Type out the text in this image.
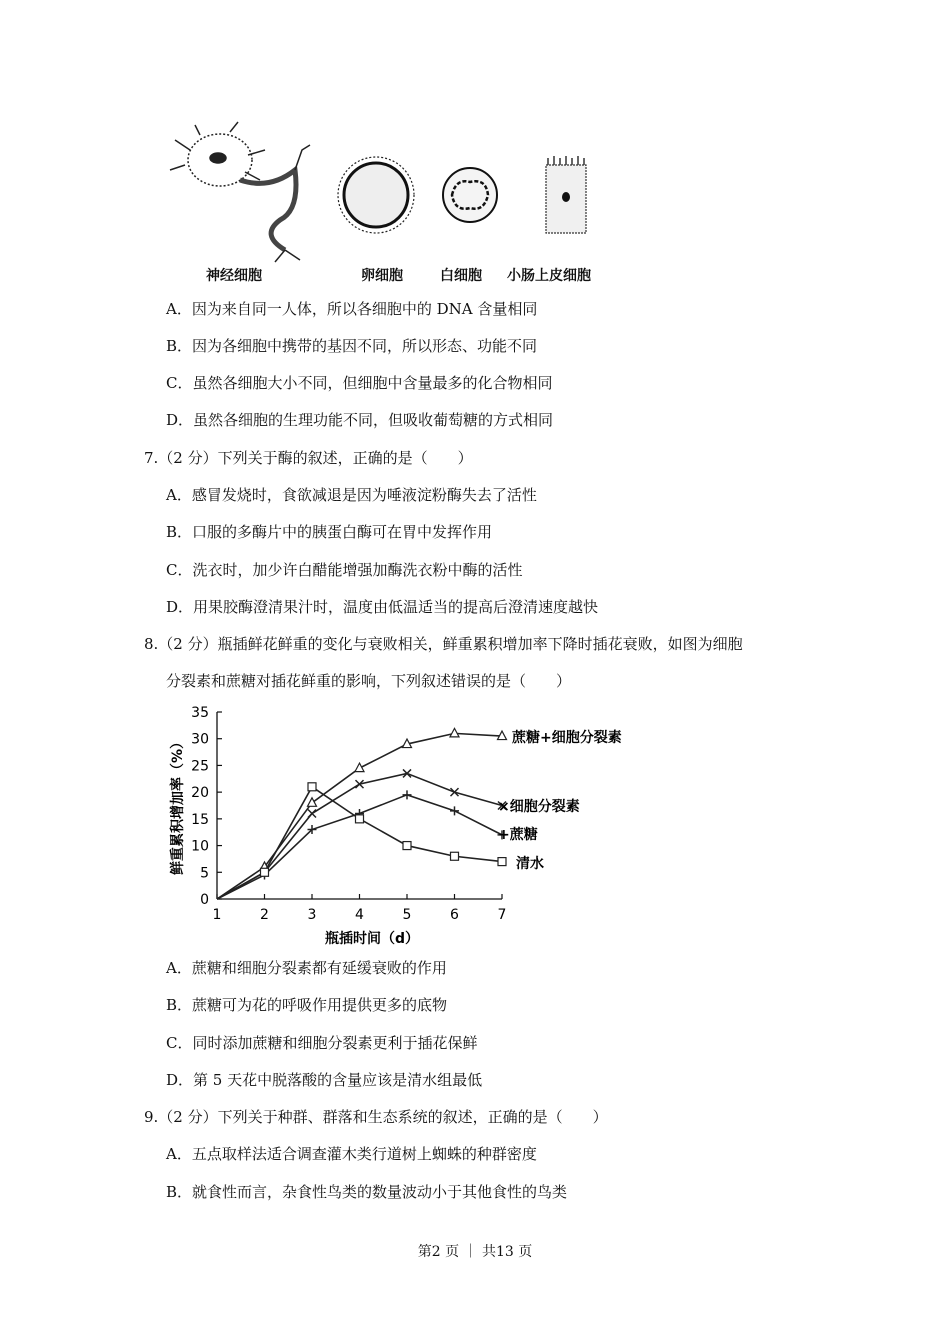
神经细胞	卵细胞	白细胞 小肠上皮细胞
A．因为来自同一人体，所以各细胞中的 DNA 含量相同
B．因为各细胞中携带的基因不同，所以形态、功能不同
C．虽然各细胞大小不同，但细胞中含量最多的化合物相同
D．虽然各细胞的生理功能不同，但吸收葡萄糖的方式相同
7.（2 分）下列关于酶的叙述，正确的是（　　）
A．感冒发烧时，食欲减退是因为唾液淀粉酶失去了活性
B．口服的多酶片中的胰蛋白酶可在胃中发挥作用
C．洗衣时，加少许白醋能增强加酶洗衣粉中酶的活性
D．用果胶酶澄清果汁时，温度由低温适当的提高后澄清速度越快
8.（2 分）瓶插鲜花鲜重的变化与衰败相关，鲜重累积增加率下降时插花衰败，如图为细胞
分裂素和蔗糖对插花鲜重的影响，下列叙述错误的是（　　）
0
5
10
15
20
25
30
35
1	2	3	4	5	6	7
瓶插时间（d）
鲜重累积增加率（%）	蔗糖+细胞分裂素
×细胞分裂素
+蔗糖
清水
A．蔗糖和细胞分裂素都有延缓衰败的作用
B．蔗糖可为花的呼吸作用提供更多的底物
C．同时添加蔗糖和细胞分裂素更利于插花保鲜
D．第 5 天花中脱落酸的含量应该是清水组最低
9.（2 分）下列关于种群、群落和生态系统的叙述，正确的是（　　）
A．五点取样法适合调查灌木类行道树上蜘蛛的种群密度
B．就食性而言，杂食性鸟类的数量波动小于其他食性的鸟类
第2 页 ｜ 共13 页
